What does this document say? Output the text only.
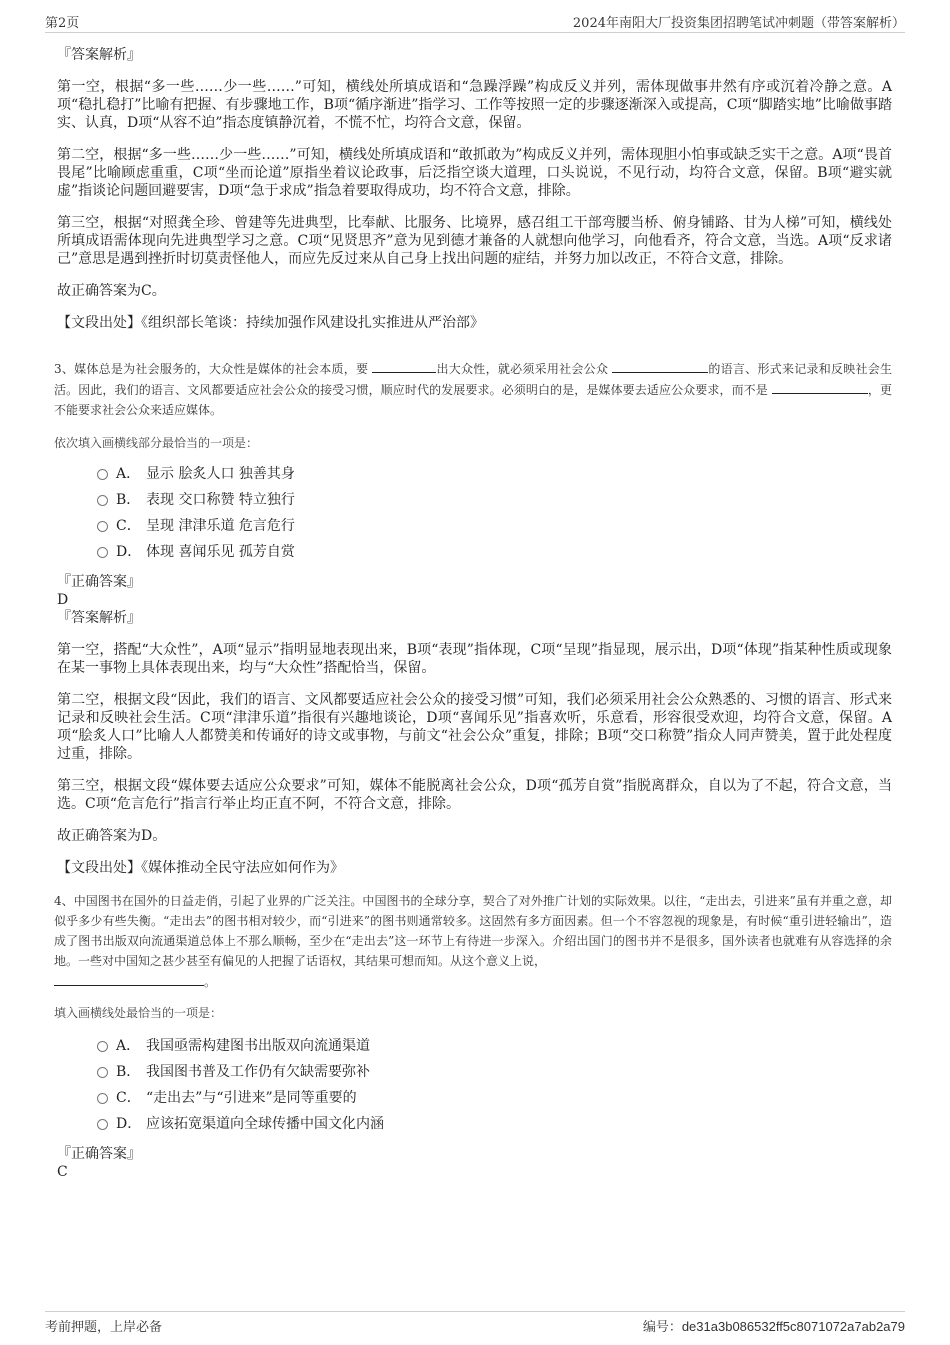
第2页	2024年南阳大厂投资集团招聘笔试冲刺题（带答案解析）
『答案解析』

第一空，根据“多一些……少一些……”可知，横线处所填成语和“急躁浮躁”构成反义并列，需体现做事井然有序或沉着冷静之意。A项“稳扎稳打”比喻有把握、有步骤地工作，B项“循序渐进”指学习、工作等按照一定的步骤逐渐深入或提高，C项“脚踏实地”比喻做事踏实、认真，D项“从容不迫”指态度镇静沉着，不慌不忙，均符合文意，保留。

第二空，根据“多一些……少一些……”可知，横线处所填成语和“敢抓敢为”构成反义并列，需体现胆小怕事或缺乏实干之意。A项“畏首畏尾”比喻顾虑重重，C项“坐而论道”原指坐着议论政事，后泛指空谈大道理，口头说说，不见行动，均符合文意，保留。B项“避实就虚”指谈论问题回避要害，D项“急于求成”指急着要取得成功，均不符合文意，排除。

第三空，根据“对照龚全珍、曾建等先进典型，比奉献、比服务、比境界，感召组工干部弯腰当桥、俯身铺路、甘为人梯”可知，横线处所填成语需体现向先进典型学习之意。C项“见贤思齐”意为见到德才兼备的人就想向他学习，向他看齐，符合文意，当选。A项“反求诸己”意思是遇到挫折时切莫责怪他人，而应先反过来从自己身上找出问题的症结，并努力加以改正，不符合文意，排除。

故正确答案为C。

【文段出处】《组织部长笔谈：持续加强作风建设扎实推进从严治部》

3、媒体总是为社会服务的，大众性是媒体的社会本质，要	出大众性，就必须采用社会公众	的语言、形式来记录和反映社会生活。因此，我们的语言、文风都要适应社会公众的接受习惯，顺应时代的发展要求。必须明白的是，是媒体要去适应公众要求，而不是	，更不能要求社会公众来适应媒体。
依次填入画横线部分最恰当的一项是：
A． 显示 脍炙人口 独善其身
B． 表现 交口称赞 特立独行
C． 呈现 津津乐道 危言危行
D． 体现 喜闻乐见 孤芳自赏
『正确答案』
D
『答案解析』

第一空，搭配“大众性”，A项“显示”指明显地表现出来，B项“表现”指体现，C项“呈现”指显现，展示出，D项“体现”指某种性质或现象在某一事物上具体表现出来，均与“大众性”搭配恰当，保留。

第二空，根据文段“因此，我们的语言、文风都要适应社会公众的接受习惯”可知，我们必须采用社会公众熟悉的、习惯的语言、形式来记录和反映社会生活。C项“津津乐道”指很有兴趣地谈论，D项“喜闻乐见”指喜欢听，乐意看，形容很受欢迎，均符合文意，保留。A项“脍炙人口”比喻人人都赞美和传诵好的诗文或事物，与前文“社会公众”重复，排除；B项“交口称赞”指众人同声赞美，置于此处程度过重，排除。

第三空，根据文段“媒体要去适应公众要求”可知，媒体不能脱离社会公众，D项“孤芳自赏”指脱离群众，自以为了不起，符合文意，当选。C项“危言危行”指言行举止均正直不阿，不符合文意，排除。

故正确答案为D。

【文段出处】《媒体推动全民守法应如何作为》

4、中国图书在国外的日益走俏，引起了业界的广泛关注。中国图书的全球分享，契合了对外推广计划的实际效果。以往，“走出去，引进来”虽有并重之意，却似乎多少有些失衡。“走出去”的图书相对较少，而“引进来”的图书则通常较多。这固然有多方面因素。但一个不容忽视的现象是，有时候“重引进轻输出”，造成了图书出版双向流通渠道总体上不那么顺畅，至少在“走出去”这一环节上有待进一步深入。介绍出国门的图书并不是很多，国外读者也就难有从容选择的余地。一些对中国知之甚少甚至有偏见的人把握了话语权，其结果可想而知。从这个意义上说，
。
填入画横线处最恰当的一项是：
A． 我国亟需构建图书出版双向流通渠道
B． 我国图书普及工作仍有欠缺需要弥补
C． “走出去”与“引进来”是同等重要的
D． 应该拓宽渠道向全球传播中国文化内涵
『正确答案』
C
考前押题，上岸必备	编号：de31a3b086532ff5c8071072a7ab2a79
